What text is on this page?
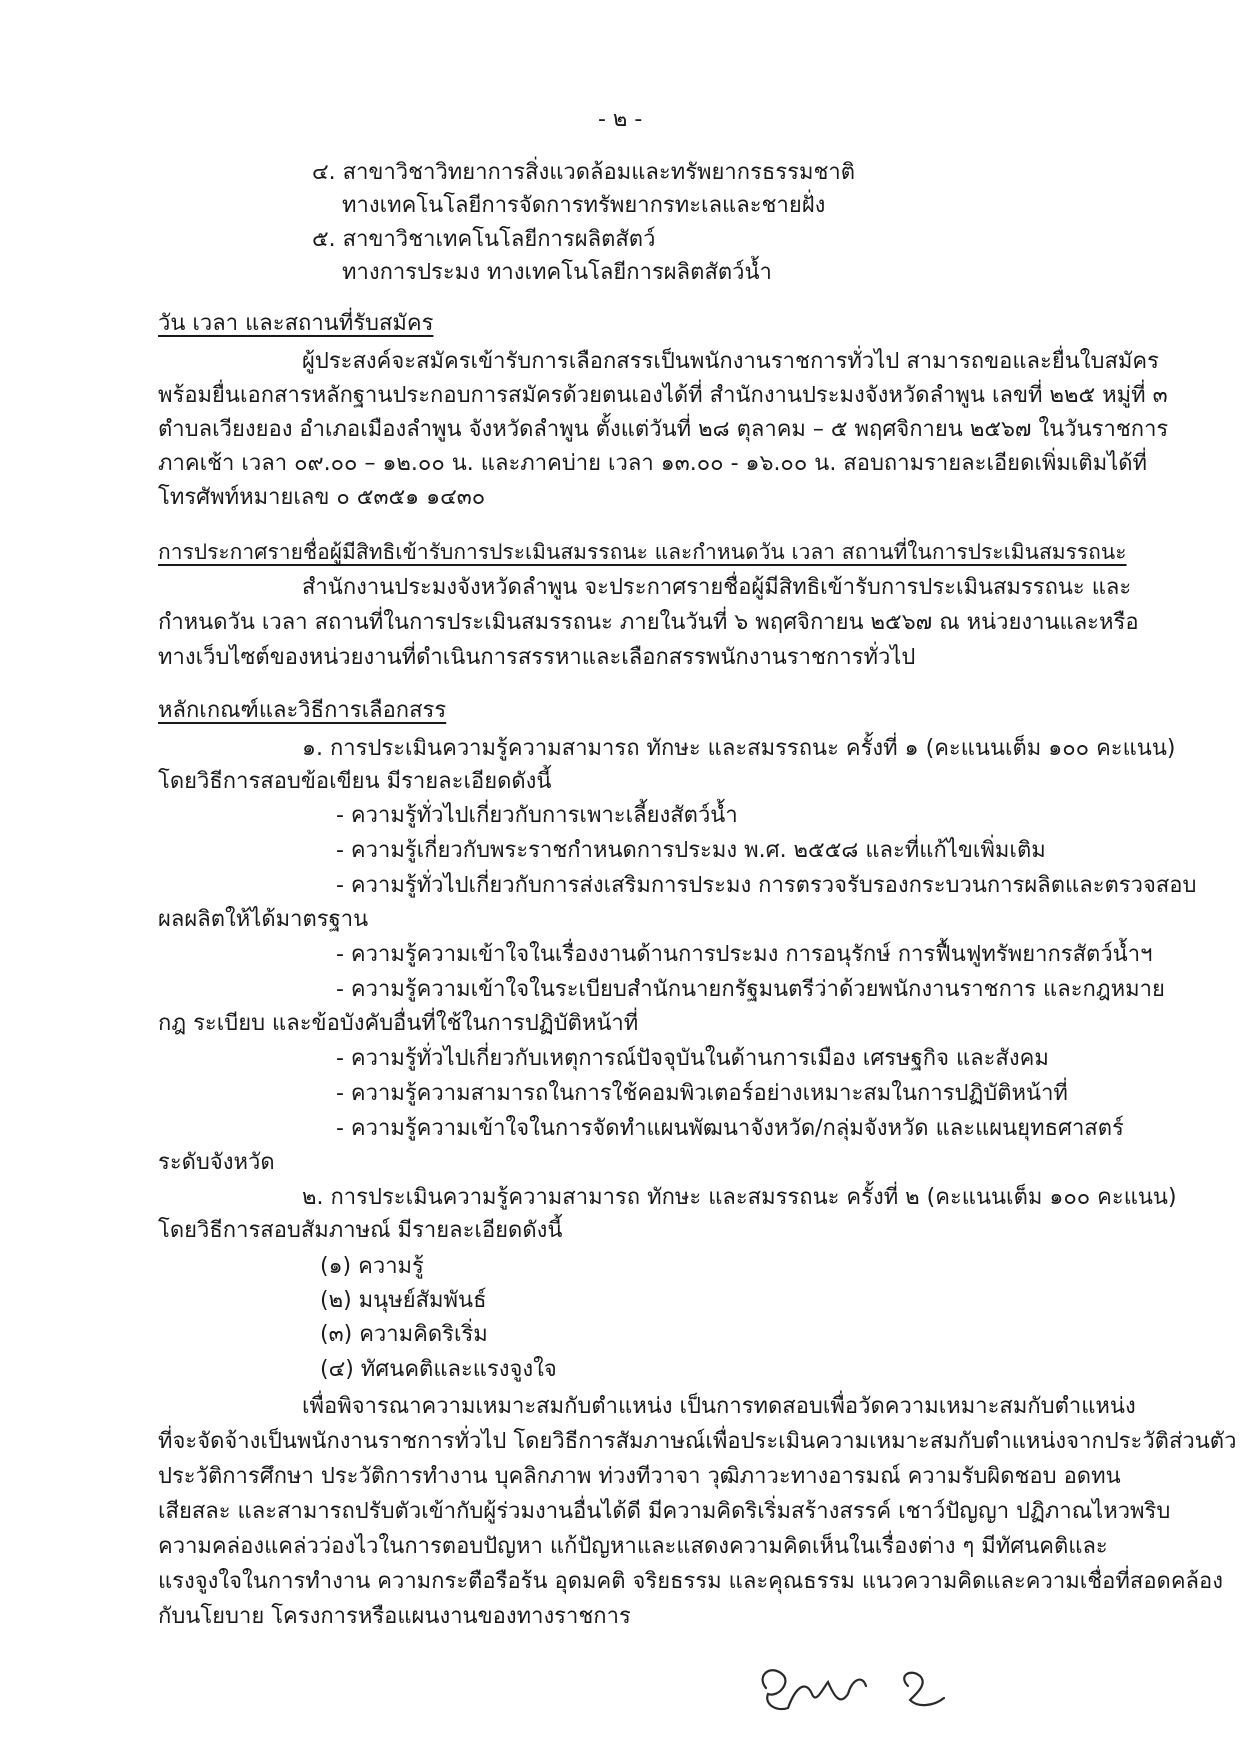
- ๒ -
๔. สาขาวิชาวิทยาการสิ่งแวดล้อมและทรัพยากรธรรมชาติ
ทางเทคโนโลยีการจัดการทรัพยากรทะเลและชายฝั่ง
๕. สาขาวิชาเทคโนโลยีการผลิตสัตว์
ทางการประมง ทางเทคโนโลยีการผลิตสัตว์น้ำ
วัน เวลา และสถานที่รับสมัคร
ผู้ประสงค์จะสมัครเข้ารับการเลือกสรรเป็นพนักงานราชการทั่วไป สามารถขอและยื่นใบสมัคร
พร้อมยื่นเอกสารหลักฐานประกอบการสมัครด้วยตนเองได้ที่ สำนักงานประมงจังหวัดลำพูน เลขที่ ๒๒๕ หมู่ที่ ๓
ตำบลเวียงยอง อำเภอเมืองลำพูน จังหวัดลำพูน ตั้งแต่วันที่ ๒๘ ตุลาคม – ๕ พฤศจิกายน ๒๕๖๗ ในวันราชการ
ภาคเช้า เวลา ๐๙.๐๐ – ๑๒.๐๐ น. และภาคบ่าย เวลา ๑๓.๐๐ - ๑๖.๐๐ น. สอบถามรายละเอียดเพิ่มเติมได้ที่
โทรศัพท์หมายเลข ๐ ๕๓๕๑ ๑๔๓๐
การประกาศรายชื่อผู้มีสิทธิเข้ารับการประเมินสมรรถนะ และกำหนดวัน เวลา สถานที่ในการประเมินสมรรถนะ
สำนักงานประมงจังหวัดลำพูน จะประกาศรายชื่อผู้มีสิทธิเข้ารับการประเมินสมรรถนะ และ
กำหนดวัน เวลา สถานที่ในการประเมินสมรรถนะ ภายในวันที่ ๖ พฤศจิกายน ๒๕๖๗ ณ หน่วยงานและหรือ
ทางเว็บไซต์ของหน่วยงานที่ดำเนินการสรรหาและเลือกสรรพนักงานราชการทั่วไป
หลักเกณฑ์และวิธีการเลือกสรร
๑. การประเมินความรู้ความสามารถ ทักษะ และสมรรถนะ ครั้งที่ ๑ (คะแนนเต็ม ๑๐๐ คะแนน)
โดยวิธีการสอบข้อเขียน มีรายละเอียดดังนี้
- ความรู้ทั่วไปเกี่ยวกับการเพาะเลี้ยงสัตว์น้ำ
- ความรู้เกี่ยวกับพระราชกำหนดการประมง พ.ศ. ๒๕๕๘ และที่แก้ไขเพิ่มเติม
- ความรู้ทั่วไปเกี่ยวกับการส่งเสริมการประมง การตรวจรับรองกระบวนการผลิตและตรวจสอบ
ผลผลิตให้ได้มาตรฐาน
- ความรู้ความเข้าใจในเรื่องงานด้านการประมง การอนุรักษ์ การฟื้นฟูทรัพยากรสัตว์น้ำฯ
- ความรู้ความเข้าใจในระเบียบสำนักนายกรัฐมนตรีว่าด้วยพนักงานราชการ และกฎหมาย
กฎ ระเบียบ และข้อบังคับอื่นที่ใช้ในการปฏิบัติหน้าที่
- ความรู้ทั่วไปเกี่ยวกับเหตุการณ์ปัจจุบันในด้านการเมือง เศรษฐกิจ และสังคม
- ความรู้ความสามารถในการใช้คอมพิวเตอร์อย่างเหมาะสมในการปฏิบัติหน้าที่
- ความรู้ความเข้าใจในการจัดทำแผนพัฒนาจังหวัด/กลุ่มจังหวัด และแผนยุทธศาสตร์
ระดับจังหวัด
๒. การประเมินความรู้ความสามารถ ทักษะ และสมรรถนะ ครั้งที่ ๒ (คะแนนเต็ม ๑๐๐ คะแนน)
โดยวิธีการสอบสัมภาษณ์ มีรายละเอียดดังนี้
(๑) ความรู้
(๒) มนุษย์สัมพันธ์
(๓) ความคิดริเริ่ม
(๔) ทัศนคติและแรงจูงใจ
เพื่อพิจารณาความเหมาะสมกับตำแหน่ง เป็นการทดสอบเพื่อวัดความเหมาะสมกับตำแหน่ง
ที่จะจัดจ้างเป็นพนักงานราชการทั่วไป โดยวิธีการสัมภาษณ์เพื่อประเมินความเหมาะสมกับตำแหน่งจากประวัติส่วนตัว
ประวัติการศึกษา ประวัติการทำงาน บุคลิกภาพ ท่วงทีวาจา วุฒิภาวะทางอารมณ์ ความรับผิดชอบ อดทน
เสียสละ และสามารถปรับตัวเข้ากับผู้ร่วมงานอื่นได้ดี มีความคิดริเริ่มสร้างสรรค์ เชาว์ปัญญา ปฏิภาณไหวพริบ
ความคล่องแคล่วว่องไวในการตอบปัญหา แก้ปัญหาและแสดงความคิดเห็นในเรื่องต่าง ๆ มีทัศนคติและ
แรงจูงใจในการทำงาน ความกระตือรือร้น อุดมคติ จริยธรรม และคุณธรรม แนวความคิดและความเชื่อที่สอดคล้อง
กับนโยบาย โครงการหรือแผนงานของทางราชการ
